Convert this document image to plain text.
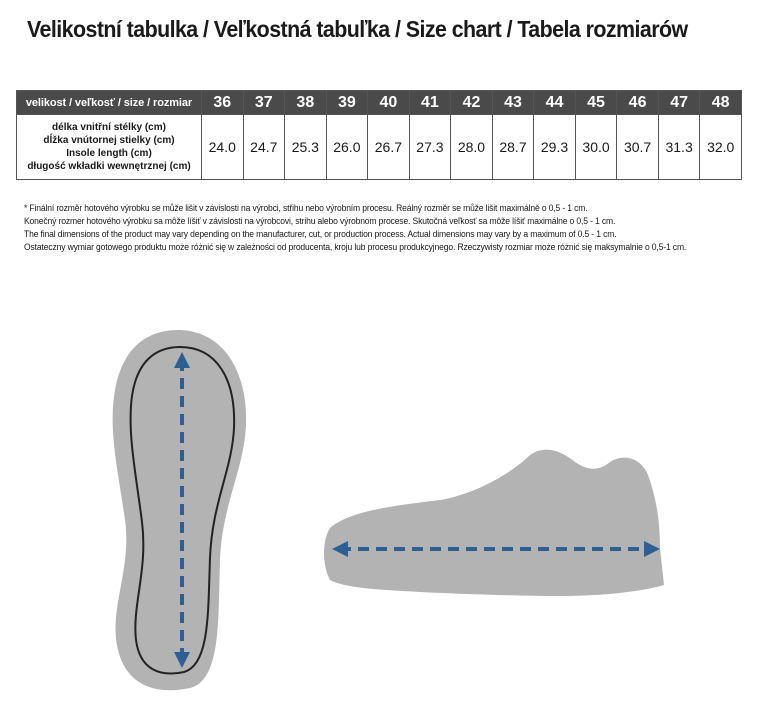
Velikostní tabulka / Veľkostná tabuľka / Size chart / Tabela rozmiarów
velikost / veľkosť / size / rozmiar	36	37	38	39	40	41	42	43	44	45	46	47	48

délka vnitřní stélky (cm)
dĺžka vnútornej stielky (cm)
Insole length (cm)
długość wkładki wewnętrznej (cm)	24.0	24.7	25.3	26.0	26.7	27.3	28.0	28.7	29.3	30.0	30.7	31.3	32.0
* Finální rozměr hotového výrobku se může lišit v závislosti na výrobci, střihu nebo výrobním procesu. Reálný rozměr se může lišit maximálně o 0,5 - 1 cm.
Konečný rozmer hotového výrobku sa môže líšiť v závislosti na výrobcovi, strihu alebo výrobnom procese. Skutočná veľkosť sa môže líšiť maximálne o 0,5 - 1 cm.
The final dimensions of the product may vary depending on the manufacturer, cut, or production process. Actual dimensions may vary by a maximum of 0.5 - 1 cm.
Ostateczny wymiar gotowego produktu może różnić się w zależności od producenta, kroju lub procesu produkcyjnego. Rzeczywisty rozmiar może różnić się maksymalnie o 0,5-1 cm.
